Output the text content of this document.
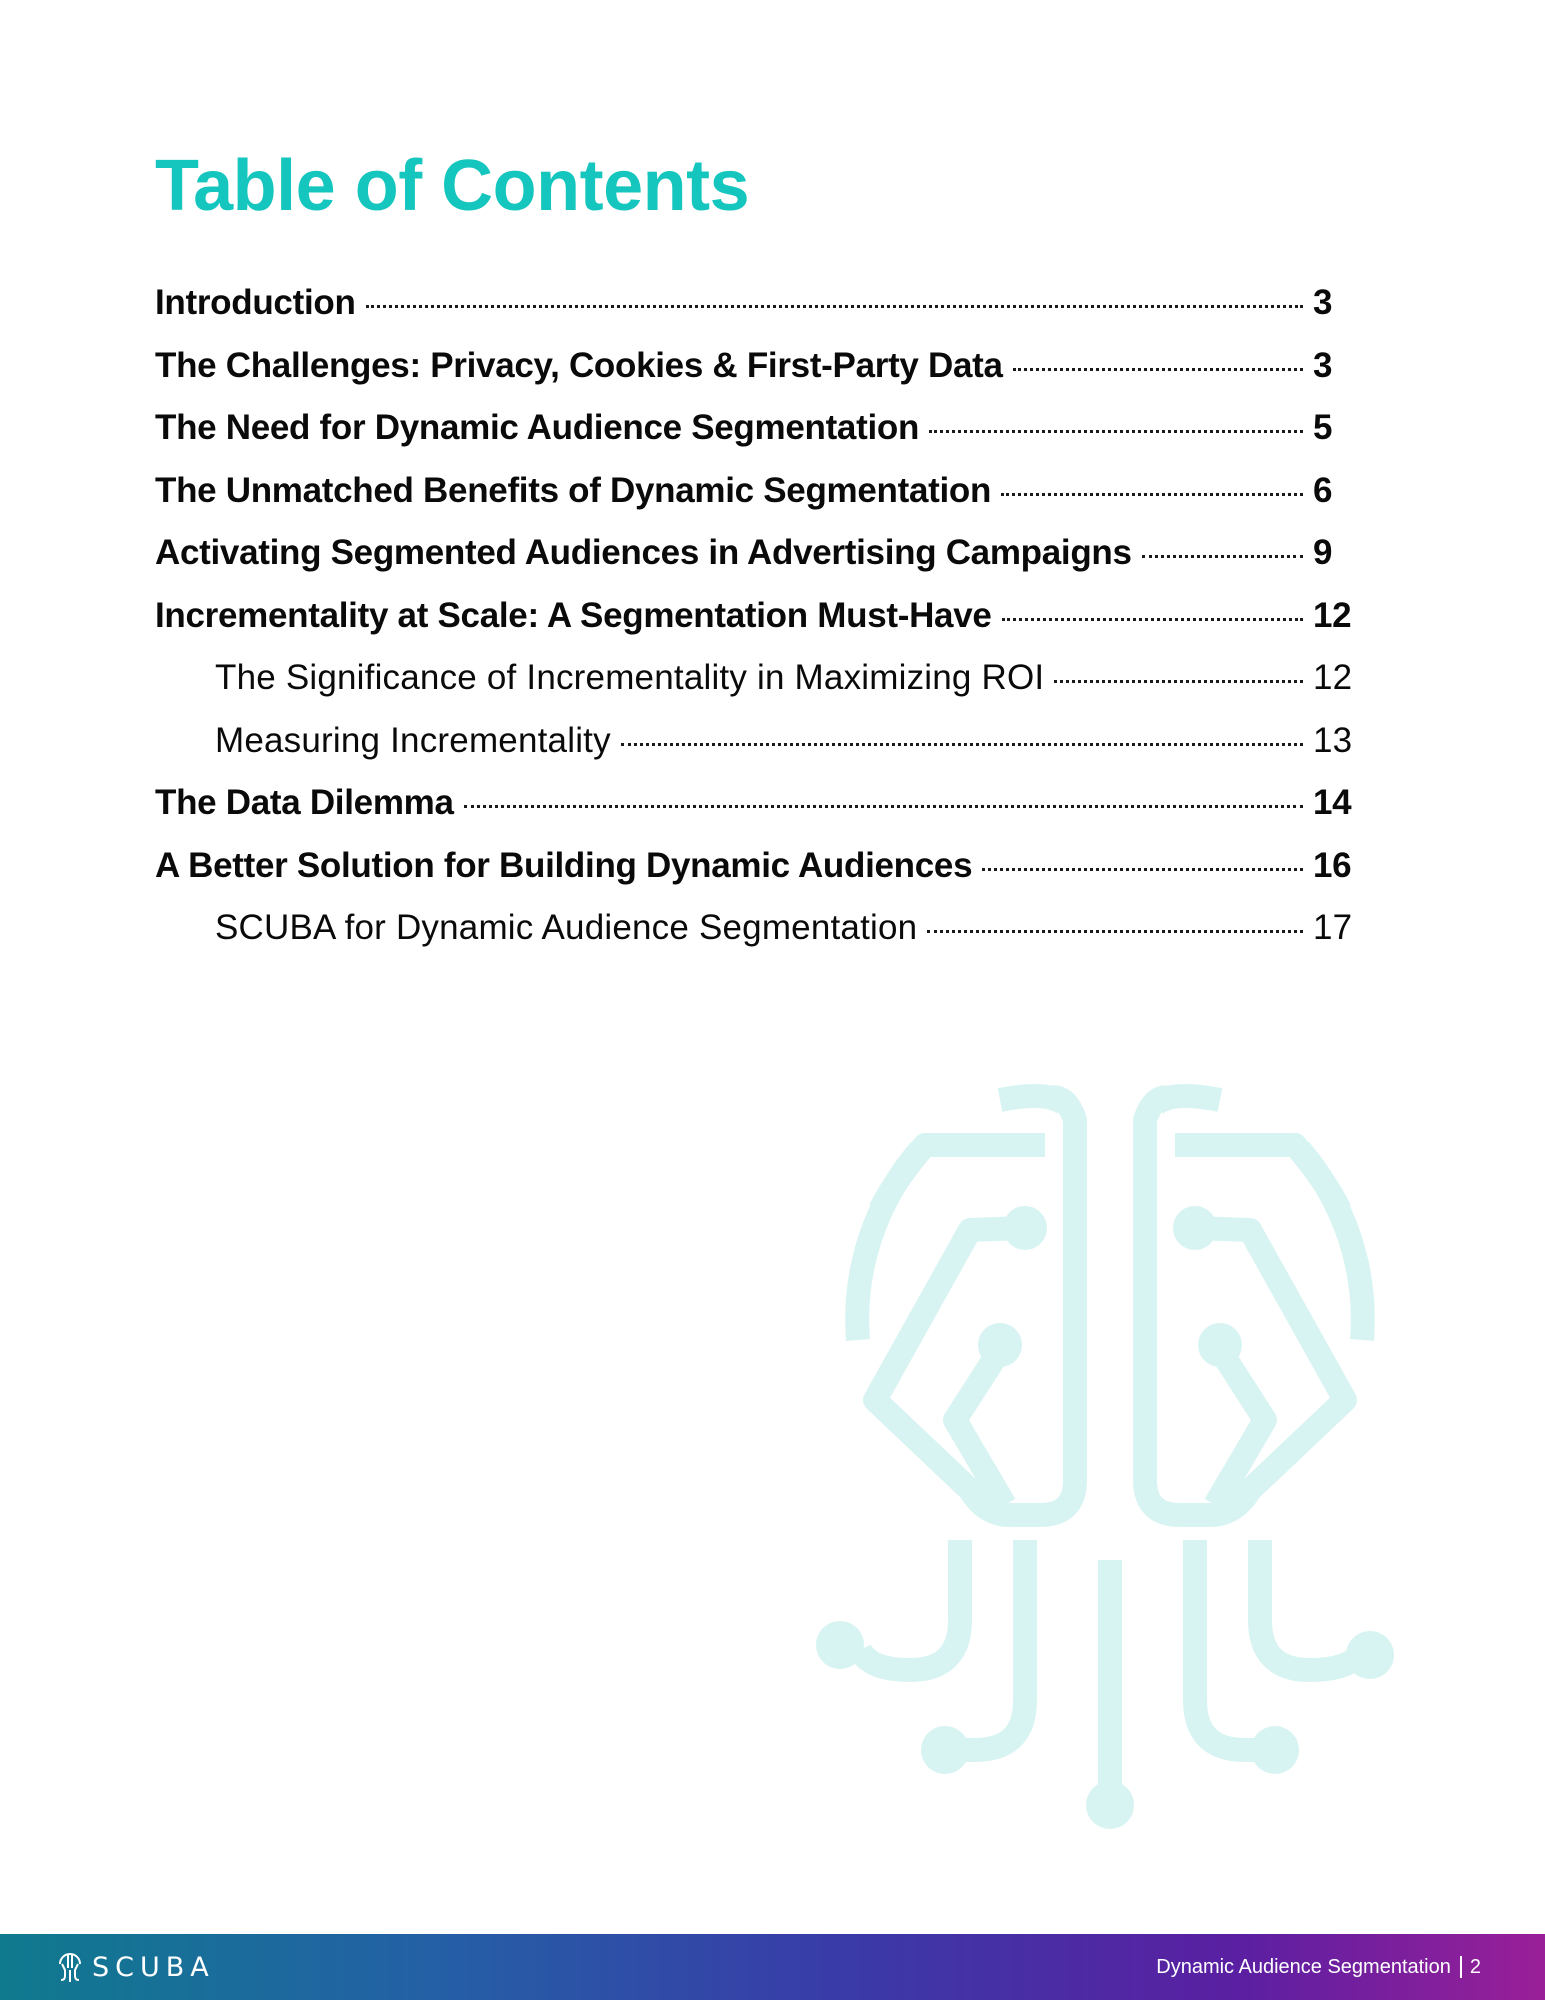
Table of Contents
Introduction	3
The Challenges: Privacy, Cookies & First-Party Data	3
The Need for Dynamic Audience Segmentation	5
The Unmatched Benefits of Dynamic Segmentation	6
Activating Segmented Audiences in Advertising Campaigns	9
Incrementality at Scale: A Segmentation Must-Have	12
The Significance of Incrementality in Maximizing ROI	12
Measuring Incrementality	13
The Data Dilemma	14
A Better Solution for Building Dynamic Audiences	16
SCUBA for Dynamic Audience Segmentation	17
SCUBA	Dynamic Audience Segmentation 2
